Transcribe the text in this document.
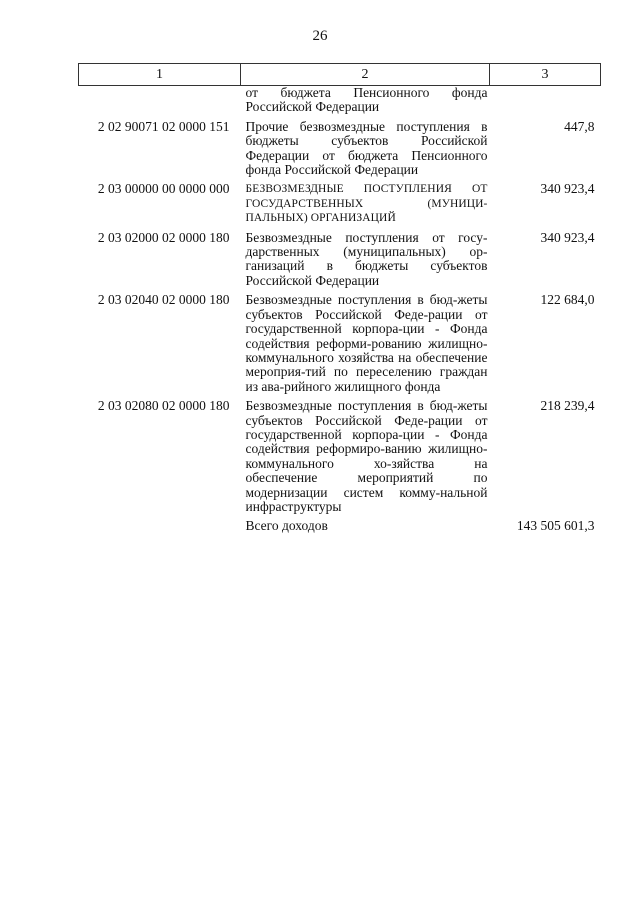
26
1	2	3
	от бюджета Пенсионного фонда Российской Федерации	
2 02 90071 02 0000 151	Прочие безвозмездные поступления в бюджеты субъектов Российской Федерации от бюджета Пенсионного фонда Российской Федерации	447,8
2 03 00000 00 0000 000	БЕЗВОЗМЕЗДНЫЕ ПОСТУПЛЕНИЯ ОТ ГОСУДАРСТВЕННЫХ (МУНИЦИ-ПАЛЬНЫХ) ОРГАНИЗАЦИЙ	340 923,4
2 03 02000 02 0000 180	Безвозмездные поступления от госу-дарственных (муниципальных) ор-ганизаций в бюджеты субъектов Российской Федерации	340 923,4
2 03 02040 02 0000 180	Безвозмездные поступления в бюд-жеты субъектов Российской Феде-рации от государственной корпора-ции - Фонда содействия реформи-рованию жилищно-коммунального хозяйства на обеспечение мероприя-тий по переселению граждан из ава-рийного жилищного фонда	122 684,0
2 03 02080 02 0000 180	Безвозмездные поступления в бюд-жеты субъектов Российской Феде-рации от государственной корпора-ции - Фонда содействия реформиро-ванию жилищно-коммунального хо-зяйства на обеспечение мероприятий по модернизации систем комму-нальной инфраструктуры	218 239,4
	Всего доходов	143 505 601,3
